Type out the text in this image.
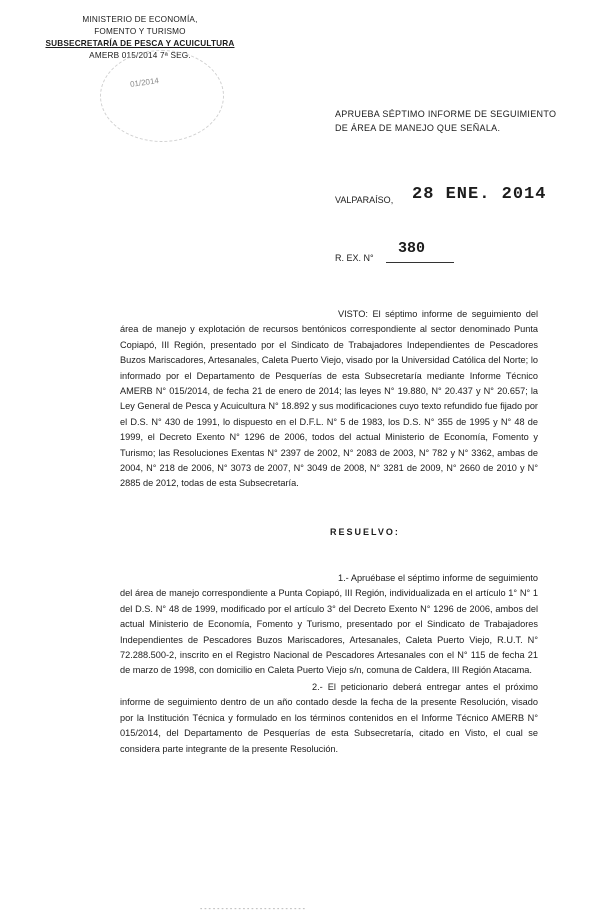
MINISTERIO DE ECONOMÍA,
FOMENTO Y TURISMO
SUBSECRETARÍA DE PESCA Y ACUICULTURA
AMERB 015/2014 7ª SEG.
01/2014
APRUEBA SÉPTIMO INFORME DE SEGUIMIENTO DE ÁREA DE MANEJO QUE SEÑALA.
VALPARAÍSO, 28 ENE. 2014
R. EX. N°
380

VISTO: El séptimo informe de seguimiento del área de manejo y explotación de recursos bentónicos correspondiente al sector denominado Punta Copiapó, III Región, presentado por el Sindicato de Trabajadores Independientes de Pescadores Buzos Mariscadores, Artesanales, Caleta Puerto Viejo, visado por la Universidad Católica del Norte; lo informado por el Departamento de Pesquerías de esta Subsecretaría mediante Informe Técnico AMERB N° 015/2014, de fecha 21 de enero de 2014; las leyes N° 19.880, N° 20.437 y N° 20.657; la Ley General de Pesca y Acuicultura N° 18.892 y sus modificaciones cuyo texto refundido fue fijado por el D.S. N° 430 de 1991, lo dispuesto en el D.F.L. N° 5 de 1983, los D.S. N° 355 de 1995 y N° 48 de 1999, el Decreto Exento N° 1296 de 2006, todos del actual Ministerio de Economía, Fomento y Turismo; las Resoluciones Exentas N° 2397 de 2002, N° 2083 de 2003, N° 782 y N° 3362, ambas de 2004, N° 218 de 2006, N° 3073 de 2007, N° 3049 de 2008, N° 3281 de 2009, N° 2660 de 2010 y N° 2885 de 2012, todas de esta Subsecretaría.

RESUELVO:

1.- Apruébase el séptimo informe de seguimiento del área de manejo correspondiente a Punta Copiapó, III Región, individualizada en el artículo 1° N° 1 del D.S. N° 48 de 1999, modificado por el artículo 3° del Decreto Exento N° 1296 de 2006, ambos del actual Ministerio de Economía, Fomento y Turismo, presentado por el Sindicato de Trabajadores Independientes de Pescadores Buzos Mariscadores, Artesanales, Caleta Puerto Viejo, R.U.T. N° 72.288.500-2, inscrito en el Registro Nacional de Pescadores Artesanales con el N° 115 de fecha 21 de marzo de 1998, con domicilio en Caleta Puerto Viejo s/n, comuna de Caldera, III Región Atacama.

2.- El peticionario deberá entregar antes el próximo informe de seguimiento dentro de un año contado desde la fecha de la presente Resolución, visado por la Institución Técnica y formulado en los términos contenidos en el Informe Técnico AMERB N° 015/2014, del Departamento de Pesquerías de esta Subsecretaría, citado en Visto, el cual se considera parte integrante de la presente Resolución.

- - - - - - - - - - - - - - - - - - - - - - - - -
